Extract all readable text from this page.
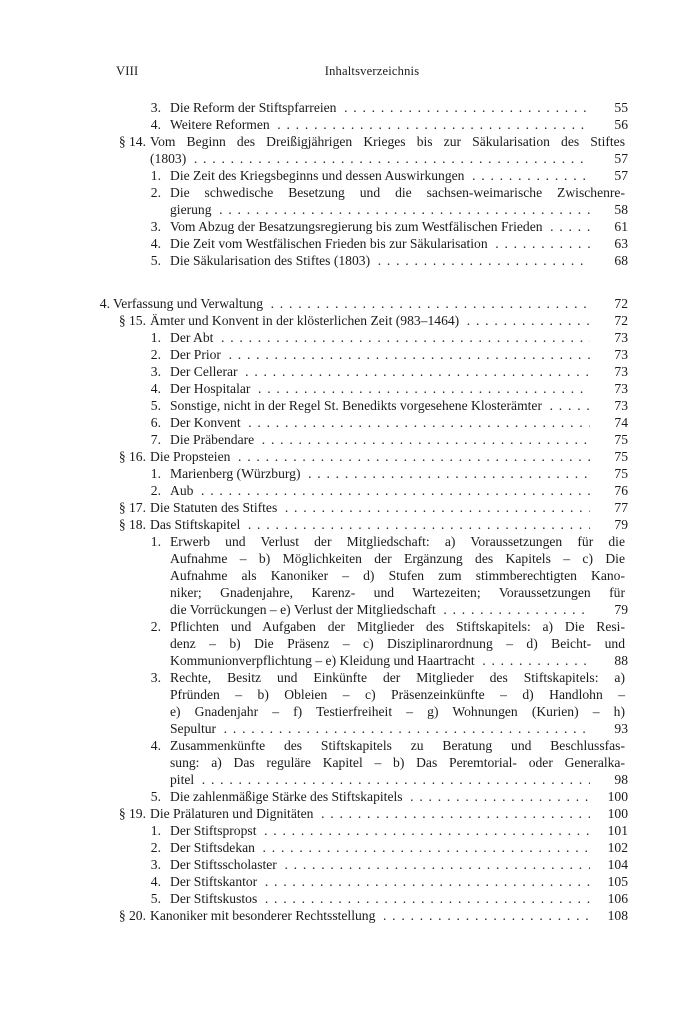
VIII	Inhaltsverzeichnis
3. Die Reform der Stiftspfarreien . . .	55
4. Weitere Reformen . . .	56
§ 14. Vom Beginn des Dreißigjährigen Krieges bis zur Säkularisation des Stiftes
(1803) . . .	57
1. Die Zeit des Kriegsbeginns und dessen Auswirkungen . . .	57
2. Die schwedische Besetzung und die sachsen-weimarische Zwischenre-
gierung . . .	58
3. Vom Abzug der Besatzungsregierung bis zum Westfälischen Frieden . . .	61
4. Die Zeit vom Westfälischen Frieden bis zur Säkularisation . . .	63
5. Die Säkularisation des Stiftes (1803) . . .	68
4. Verfassung und Verwaltung . . .	72
§ 15. Ämter und Konvent in der klösterlichen Zeit (983–1464) . . .	72
1. Der Abt . . .	73
2. Der Prior . . .	73
3. Der Cellerar . . .	73
4. Der Hospitalar . . .	73
5. Sonstige, nicht in der Regel St. Benedikts vorgesehene Klosterämter . . .	73
6. Der Konvent . . .	74
7. Die Präbendare . . .	75
§ 16. Die Propsteien . . .	75
1. Marienberg (Würzburg) . . .	75
2. Aub . . .	76
§ 17. Die Statuten des Stiftes . . .	77
§ 18. Das Stiftskapitel . . .	79
1. Erwerb und Verlust der Mitgliedschaft: a) Voraussetzungen für die
Aufnahme – b) Möglichkeiten der Ergänzung des Kapitels – c) Die
Aufnahme als Kanoniker – d) Stufen zum stimmberechtigten Kano-
niker; Gnadenjahre, Karenz- und Wartezeiten; Voraussetzungen für
die Vorrückungen – e) Verlust der Mitgliedschaft . . .	79
2. Pflichten und Aufgaben der Mitglieder des Stiftskapitels: a) Die Resi-
denz – b) Die Präsenz – c) Disziplinarordnung – d) Beicht- und
Kommunionverpflichtung – e) Kleidung und Haartracht . . .	88
3. Rechte, Besitz und Einkünfte der Mitglieder des Stiftskapitels: a)
Pfründen – b) Obleien – c) Präsenzeinkünfte – d) Handlohn –
e) Gnadenjahr – f) Testierfreiheit – g) Wohnungen (Kurien) – h)
Sepultur . . .	93
4. Zusammenkünfte des Stiftskapitels zu Beratung und Beschlussfas-
sung: a) Das reguläre Kapitel – b) Das Peremtorial- oder Generalka-
pitel . . .	98
5. Die zahlenmäßige Stärke des Stiftskapitels . . .	100
§ 19. Die Prälaturen und Dignitäten . . .	100
1. Der Stiftspropst . . .	101
2. Der Stiftsdekan . . .	102
3. Der Stiftsscholaster . . .	104
4. Der Stiftskantor . . .	105
5. Der Stiftskustos . . .	106
§ 20. Kanoniker mit besonderer Rechtsstellung . . .	108
